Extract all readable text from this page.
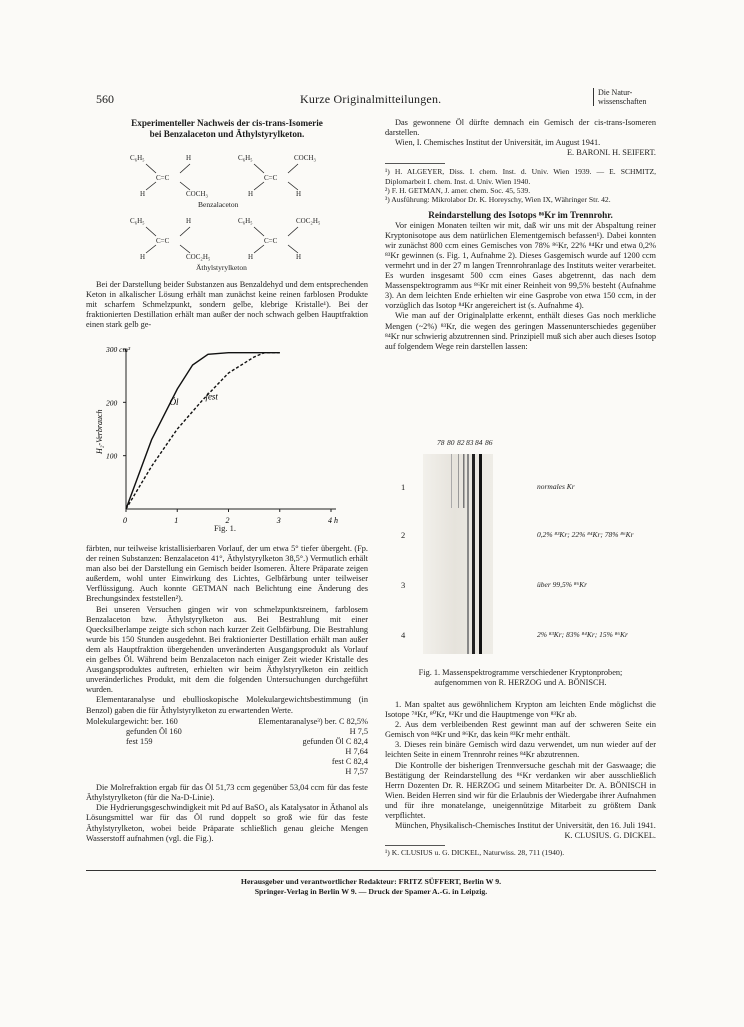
560	Kurze Originalmitteilungen.	Die Natur-
wissenschaften
Experimenteller Nachweis der cis-trans-Isomerie
bei Benzalaceton und Äthylstyrylketon.
C₆H₅	H
C=C
H	COCH₃
C₆H₅	COCH₃
C=C
H	H
Benzalaceton
C₆H₅	H
C=C
H	COC₂H₅
C₆H₅	COC₂H₅
C=C
H	H
Äthylstyrylketon

Bei der Darstellung beider Substanzen aus Benzaldehyd und dem entsprechenden Keton in alkalischer Lösung erhält man zunächst keine reinen farblosen Produkte mit scharfem Schmelzpunkt, sondern gelbe, klebrige Kristalle¹). Bei der fraktionierten Destillation erhält man außer der noch schwach gelben Hauptfraktion einen stark gelb ge-

0	1	2	3	4 h
100
200
300 cm³
H₂-Verbrauch
Öl
fest
Fig. 1.

färbten, nur teilweise kristallisierbaren Vorlauf, der um etwa 5° tiefer übergeht. (Fp. der reinen Substanzen: Benzalaceton 41°, Äthylstyrylketon 38,5°.) Vermutlich erhält man also bei der Darstellung ein Gemisch beider Isomeren. Ältere Präparate zeigen außerdem, wohl unter Einwirkung des Lichtes, Gelbfärbung unter teilweiser Verflüssigung. Auch konnte GETMAN nach Belichtung eine Änderung des Brechungsindex feststellen²).

Bei unseren Versuchen gingen wir von schmelzpunktsreinem, farblosem Benzalaceton bzw. Äthylstyrylketon aus. Bei Bestrahlung mit einer Quecksilberlampe zeigte sich schon nach kurzer Zeit Gelbfärbung. Die Bestrahlung wurde bis 150 Stunden ausgedehnt. Bei fraktionierter Destillation erhält man außer dem als Hauptfraktion übergehenden unveränderten Ausgangsprodukt als Vorlauf ein gelbes Öl. Während beim Benzalaceton nach einiger Zeit wieder Kristalle des Ausgangsproduktes auftreten, erhielten wir beim Äthylstyrylketon ein zeitlich unveränderliches Produkt, mit dem die folgenden Untersuchungen durchgeführt wurden.

Elementaranalyse und ebullioskopische Molekulargewichtsbestimmung (in Benzol) gaben die für Äthylstyrylketon zu erwartenden Werte.

Molekulargewicht: ber. 160	Elementaranalyse³) ber. C 82,5%
gefunden Öl 160	H 7,5
fest 159	gefunden Öl C 82,4
H 7,64
fest C 82,4
H 7,57

Die Molrefraktion ergab für das Öl 51,73 ccm gegenüber 53,04 ccm für das feste Äthylstyrylketon (für die Na-D-Linie).

Die Hydrierungsgeschwindigkeit mit Pd auf BaSO₄ als Katalysator in Äthanol als Lösungsmittel war für das Öl rund doppelt so groß wie für das feste Äthylstyrylketon, wobei beide Präparate schließlich genau gleiche Mengen Wasserstoff aufnahmen (vgl. die Fig.).

Das gewonnene Öl dürfte demnach ein Gemisch der cis-trans-Isomeren darstellen.

Wien, I. Chemisches Institut der Universität, im August 1941.

E. BARONI. H. SEIFERT.
¹) H. ALGEYER, Diss. I. chem. Inst. d. Univ. Wien 1939. — E. SCHMITZ, Diplomarbeit I. chem. Inst. d. Univ. Wien 1940.
²) F. H. GETMAN, J. amer. chem. Soc. 45, 539.
³) Ausführung: Mikrolabor Dr. K. Horeyschy, Wien IX, Währinger Str. 42.
Reindarstellung des Isotops ⁸⁶Kr im Trennrohr.

Vor einigen Monaten teilten wir mit, daß wir uns mit der Abspaltung reiner Kryptonisotope aus dem natürlichen Elementgemisch befassen¹). Dabei konnten wir zunächst 800 ccm eines Gemisches von 78% ⁸⁶Kr, 22% ⁸⁴Kr und etwa 0,2% ⁸³Kr gewinnen (s. Fig. 1, Aufnahme 2). Dieses Gasgemisch wurde auf 1200 ccm vermehrt und in der 27 m langen Trennrohranlage des Instituts weiter verarbeitet. Es wurden insgesamt 500 ccm eines Gases abgetrennt, das nach dem Massenspektrogramm aus ⁸⁶Kr mit einer Reinheit von 99,5% besteht (Aufnahme 3). An dem leichten Ende erhielten wir eine Gasprobe von etwa 150 ccm, in der vorzüglich das Isotop ⁸⁴Kr angereichert ist (s. Aufnahme 4).

Wie man auf der Originalplatte erkennt, enthält dieses Gas noch merkliche Mengen (~2%) ⁸³Kr, die wegen des geringen Massenunterschiedes gegenüber ⁸⁴Kr nur schwierig abzutrennen sind. Prinzipiell muß sich aber auch dieses Isotop auf folgendem Wege rein darstellen lassen:

78 80 82 83 84 86
1	normales Kr
2	0,2% ⁸³Kr; 22% ⁸⁴Kr; 78% ⁸⁶Kr
3	über 99,5% ⁸⁶Kr
4	2% ⁸³Kr; 83% ⁸⁴Kr; 15% ⁸⁶Kr
Fig. 1. Massenspektrogramme verschiedener Kryptonproben;
aufgenommen von R. HERZOG und A. BÖNISCH.

1. Man spaltet aus gewöhnlichem Krypton am leichten Ende möglichst die Isotope ⁷⁸Kr, ⁸⁰Kr, ⁸²Kr und die Hauptmenge von ⁸³Kr ab.

2. Aus dem verbleibenden Rest gewinnt man auf der schweren Seite ein Gemisch von ⁸⁴Kr und ⁸⁶Kr, das kein ⁸³Kr mehr enthält.

3. Dieses rein binäre Gemisch wird dazu verwendet, um nun wieder auf der leichten Seite in einem Trennrohr reines ⁸⁴Kr abzutrennen.

Die Kontrolle der bisherigen Trennversuche geschah mit der Gaswaage; die Bestätigung der Reindarstellung des ⁸⁶Kr verdanken wir aber ausschließlich Herrn Dozenten Dr. R. HERZOG und seinem Mitarbeiter Dr. A. BÖNISCH in Wien. Beiden Herren sind wir für die Erlaubnis der Wiedergabe ihrer Aufnahmen und für ihre monatelange, uneigennützige Mitarbeit zu größtem Dank verpflichtet.

München, Physikalisch-Chemisches Institut der Universität, den 16. Juli 1941.

K. CLUSIUS. G. DICKEL.
¹) K. CLUSIUS u. G. DICKEL, Naturwiss. 28, 711 (1940).
Herausgeber und verantwortlicher Redakteur: FRITZ SÜFFERT, Berlin W 9.
Springer-Verlag in Berlin W 9. — Druck der Spamer A.-G. in Leipzig.
